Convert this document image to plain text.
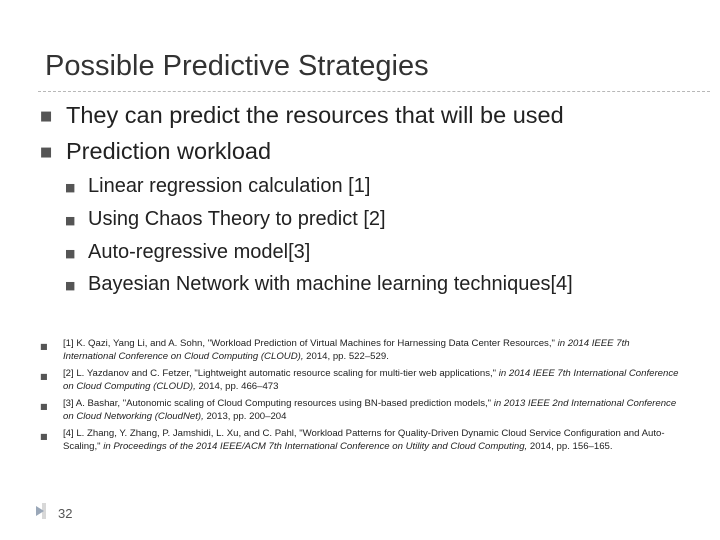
Possible Predictive Strategies
■ They can predict the resources that will be used
■ Prediction workload
■ Linear regression calculation [1]
■ Using Chaos Theory to predict [2]
■ Auto-regressive model[3]
■ Bayesian Network with machine learning techniques[4]
■ [1] K. Qazi, Yang Li, and A. Sohn, "Workload Prediction of Virtual Machines for Harnessing Data Center Resources," in 2014 IEEE 7th International Conference on Cloud Computing (CLOUD), 2014, pp. 522–529.
■ [2] L. Yazdanov and C. Fetzer, "Lightweight automatic resource scaling for multi-tier web applications," in 2014 IEEE 7th International Conference on Cloud Computing (CLOUD), 2014, pp. 466–473
■ [3] A. Bashar, "Autonomic scaling of Cloud Computing resources using BN-based prediction models," in 2013 IEEE 2nd International Conference on Cloud Networking (CloudNet), 2013, pp. 200–204
■ [4] L. Zhang, Y. Zhang, P. Jamshidi, L. Xu, and C. Pahl, "Workload Patterns for Quality-Driven Dynamic Cloud Service Configuration and Auto-Scaling," in Proceedings of the 2014 IEEE/ACM 7th International Conference on Utility and Cloud Computing, 2014, pp. 156–165.
32
